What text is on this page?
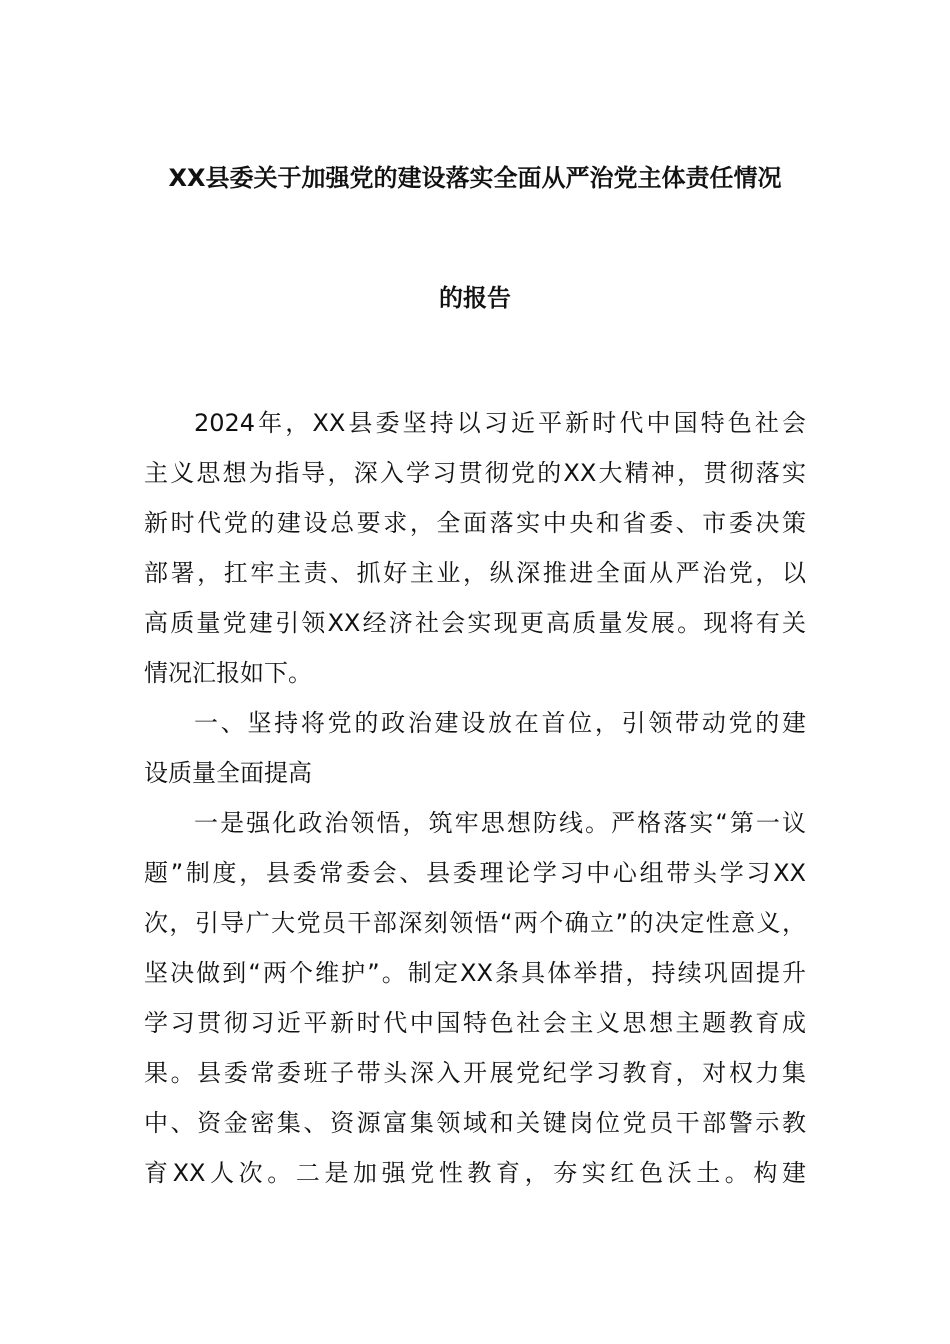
XX县委关于加强党的建设落实全面从严治党主体责任情况
的报告
2024年，XX县委坚持以习近平新时代中国特色社会
主义思想为指导，深入学习贯彻党的XX大精神，贯彻落实
新时代党的建设总要求，全面落实中央和省委、市委决策
部署，扛牢主责、抓好主业，纵深推进全面从严治党，以
高质量党建引领XX经济社会实现更高质量发展。现将有关
情况汇报如下。
一、坚持将党的政治建设放在首位，引领带动党的建
设质量全面提高
一是强化政治领悟，筑牢思想防线。严格落实“第一议
题”制度，县委常委会、县委理论学习中心组带头学习XX
次，引导广大党员干部深刻领悟“两个确立”的决定性意义，
坚决做到“两个维护”。制定XX条具体举措，持续巩固提升
学习贯彻习近平新时代中国特色社会主义思想主题教育成
果。县委常委班子带头深入开展党纪学习教育，对权力集
中、资金密集、资源富集领域和关键岗位党员干部警示教
育XX人次。二是加强党性教育，夯实红色沃土。构建
